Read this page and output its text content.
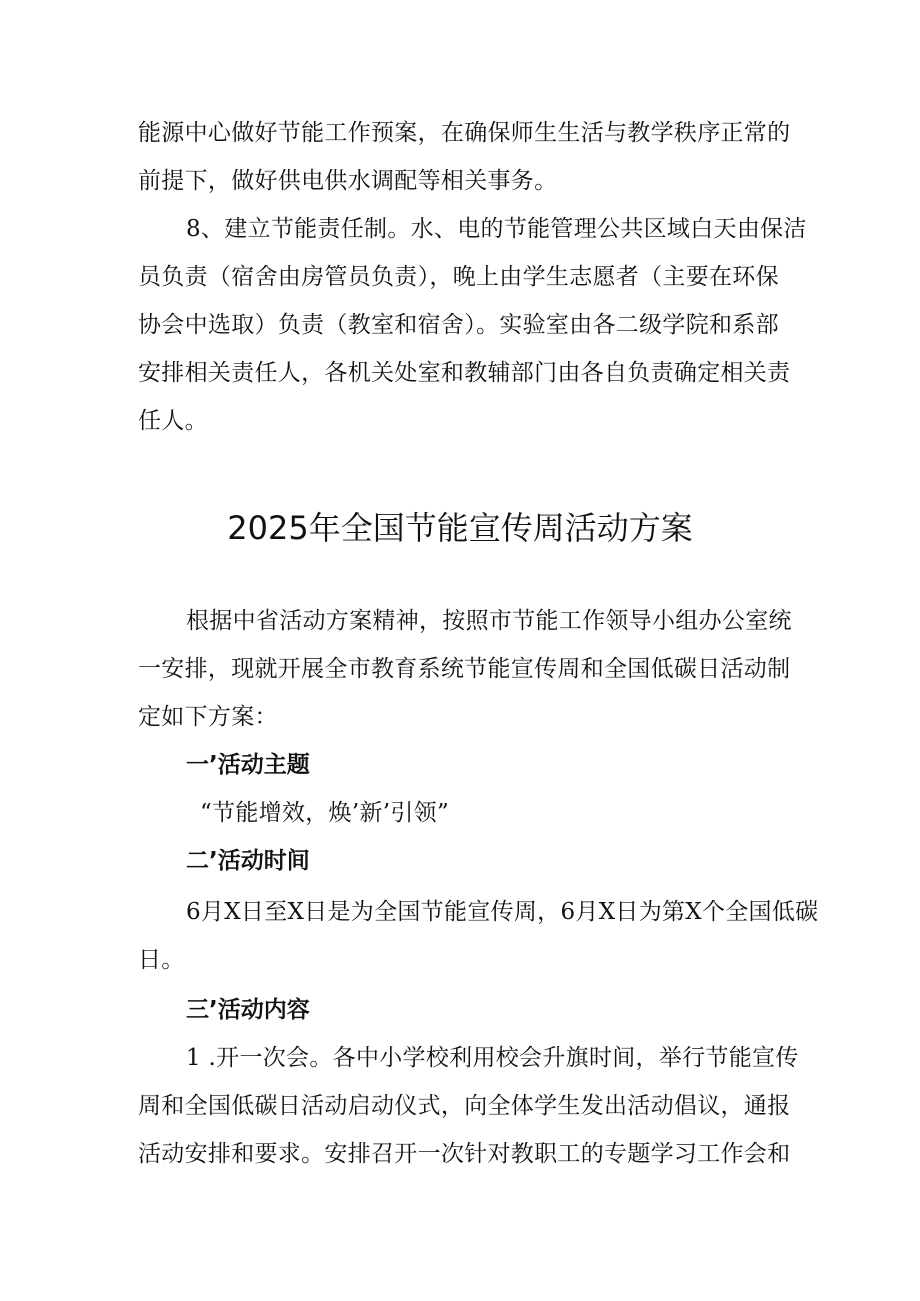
能源中心做好节能工作预案，在确保师生生活与教学秩序正常的
前提下，做好供电供水调配等相关事务。
8、建立节能责任制。水、电的节能管理公共区域白天由保洁
员负责（宿舍由房管员负责），晚上由学生志愿者（主要在环保
协会中选取）负责（教室和宿舍）。实验室由各二级学院和系部
安排相关责任人，各机关处室和教辅部门由各自负责确定相关责
任人。
2025年全国节能宣传周活动方案
根据中省活动方案精神，按照市节能工作领导小组办公室统
一安排，现就开展全市教育系统节能宣传周和全国低碳日活动制
定如下方案：
一’活动主题
“节能增效，焕’新’引领”
二’活动时间
6月X日至X日是为全国节能宣传周，6月X日为第X个全国低碳
日。
三’活动内容
1 .开一次会。各中小学校利用校会升旗时间，举行节能宣传
周和全国低碳日活动启动仪式，向全体学生发出活动倡议，通报
活动安排和要求。安排召开一次针对教职工的专题学习工作会和
